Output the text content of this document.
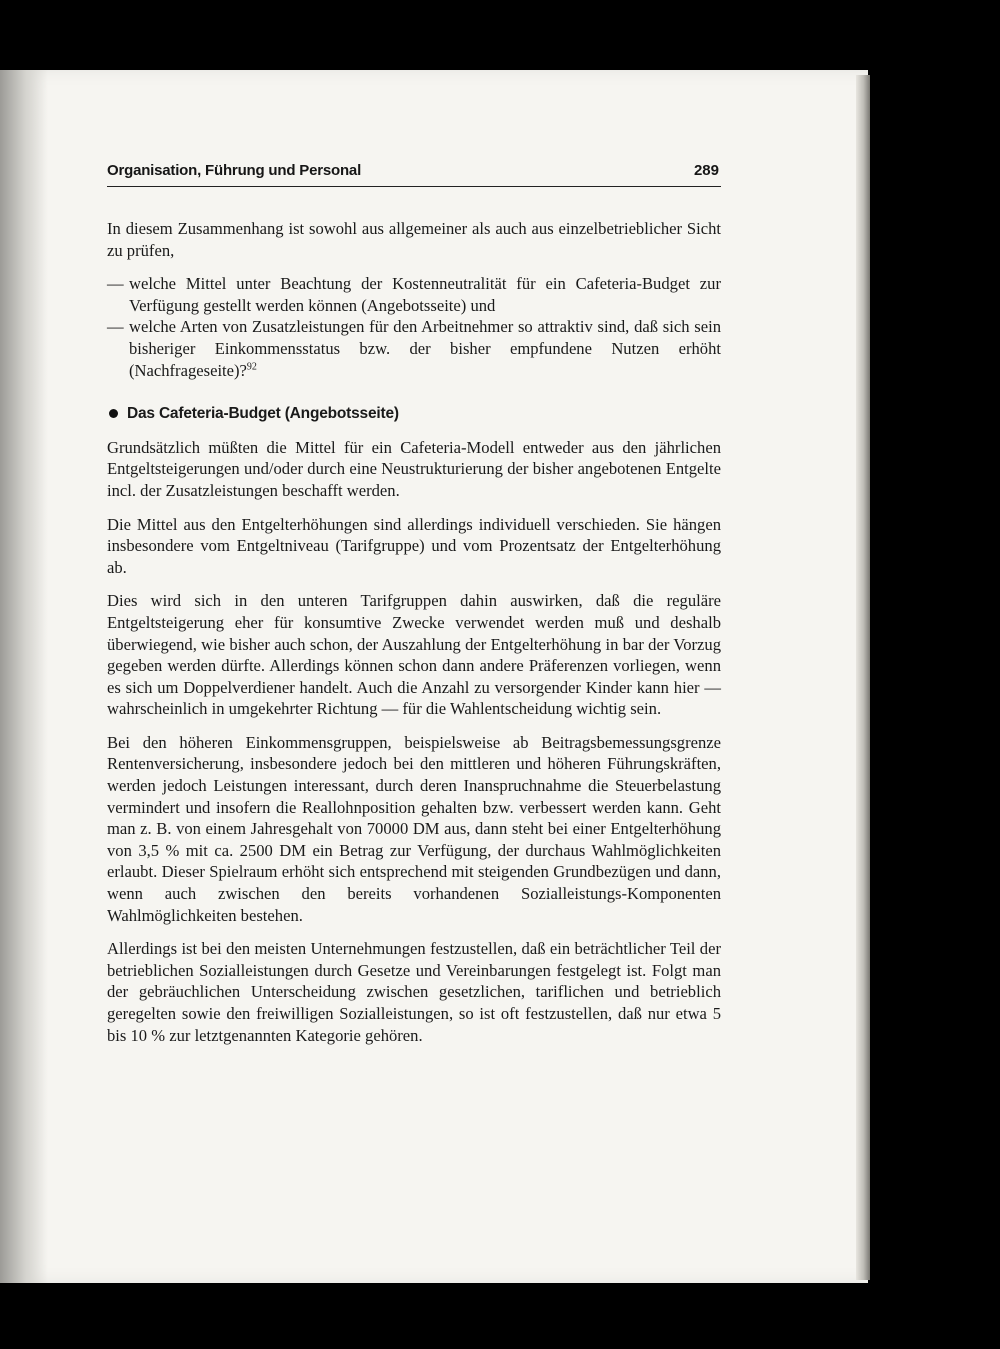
Organisation, Führung und Personal	289

In diesem Zusammenhang ist sowohl aus allgemeiner als auch aus einzelbetrieblicher Sicht zu prüfen,

— welche Mittel unter Beachtung der Kostenneutralität für ein Cafeteria-Budget zur Verfügung gestellt werden können (Angebotsseite) und
— welche Arten von Zusatzleistungen für den Arbeitnehmer so attraktiv sind, daß sich sein bisheriger Einkommensstatus bzw. der bisher empfundene Nutzen erhöht (Nachfrageseite)?$^{92}$

Das Cafeteria-Budget (Angebotsseite)

Grundsätzlich müßten die Mittel für ein Cafeteria-Modell entweder aus den jährlichen Entgeltsteigerungen und/oder durch eine Neustrukturierung der bisher angebotenen Entgelte incl. der Zusatzleistungen beschafft werden.

Die Mittel aus den Entgelterhöhungen sind allerdings individuell verschieden. Sie hängen insbesondere vom Entgeltniveau (Tarifgruppe) und vom Prozentsatz der Entgelterhöhung ab.

Dies wird sich in den unteren Tarifgruppen dahin auswirken, daß die reguläre Entgeltsteigerung eher für konsumtive Zwecke verwendet werden muß und deshalb überwiegend, wie bisher auch schon, der Auszahlung der Entgelterhöhung in bar der Vorzug gegeben werden dürfte. Allerdings können schon dann andere Präferenzen vorliegen, wenn es sich um Doppelverdiener handelt. Auch die Anzahl zu versorgender Kinder kann hier — wahrscheinlich in umgekehrter Richtung — für die Wahlentscheidung wichtig sein.

Bei den höheren Einkommensgruppen, beispielsweise ab Beitragsbemessungsgrenze Rentenversicherung, insbesondere jedoch bei den mittleren und höheren Führungskräften, werden jedoch Leistungen interessant, durch deren Inanspruchnahme die Steuerbelastung vermindert und insofern die Reallohnposition gehalten bzw. verbessert werden kann. Geht man z. B. von einem Jahresgehalt von 70000 DM aus, dann steht bei einer Entgelterhöhung von 3,5 % mit ca. 2500 DM ein Betrag zur Verfügung, der durchaus Wahlmöglichkeiten erlaubt. Dieser Spielraum erhöht sich entsprechend mit steigenden Grundbezügen und dann, wenn auch zwischen den bereits vorhandenen Sozialleistungs-Komponenten Wahlmöglichkeiten bestehen.

Allerdings ist bei den meisten Unternehmungen festzustellen, daß ein beträchtlicher Teil der betrieblichen Sozialleistungen durch Gesetze und Vereinbarungen festgelegt ist. Folgt man der gebräuchlichen Unterscheidung zwischen gesetzlichen, tariflichen und betrieblich geregelten sowie den freiwilligen Sozialleistungen, so ist oft festzustellen, daß nur etwa 5 bis 10 % zur letztgenannten Kategorie gehören.
